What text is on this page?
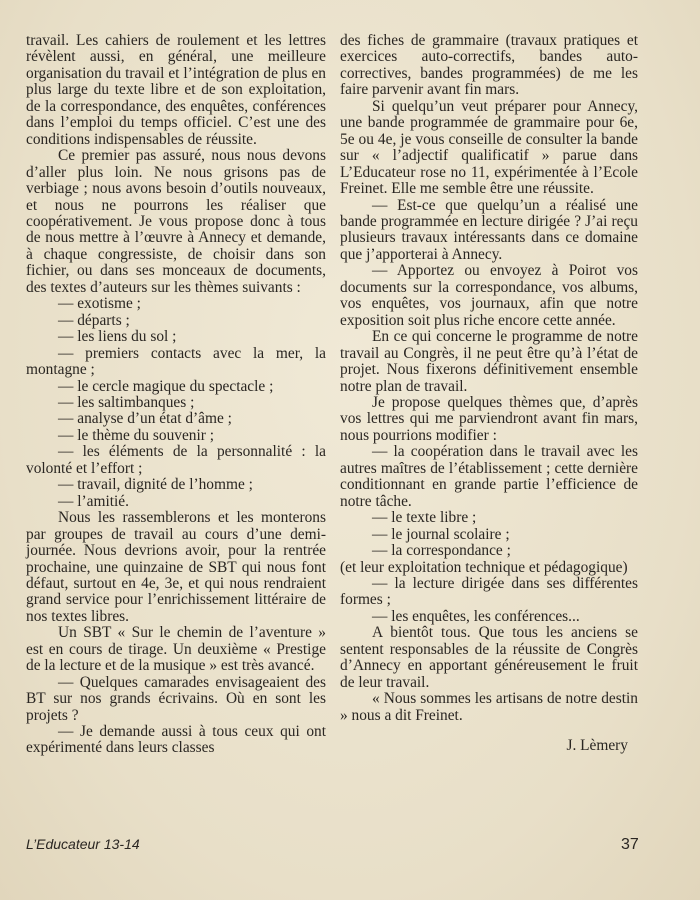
travail. Les cahiers de roulement et les lettres révèlent aussi, en général, une meilleure organisation du travail et l’intégration de plus en plus large du texte libre et de son exploitation, de la correspondance, des enquêtes, conférences dans l’emploi du temps officiel. C’est une des conditions indispensables de réussite.

Ce premier pas assuré, nous nous devons d’aller plus loin. Ne nous grisons pas de verbiage ; nous avons besoin d’outils nouveaux, et nous ne pourrons les réaliser que coopérativement. Je vous propose donc à tous de nous mettre à l’œuvre à Annecy et demande, à chaque congressiste, de choisir dans son fichier, ou dans ses monceaux de documents, des textes d’auteurs sur les thèmes suivants :

— exotisme ;

— départs ;

— les liens du sol ;

— premiers contacts avec la mer, la montagne ;

— le cercle magique du spectacle ;

— les saltimbanques ;

— analyse d’un état d’âme ;

— le thème du souvenir ;

— les éléments de la personnalité : la volonté et l’effort ;

— travail, dignité de l’homme ;

— l’amitié.

Nous les rassemblerons et les monterons par groupes de travail au cours d’une demi-journée. Nous devrions avoir, pour la rentrée prochaine, une quinzaine de SBT qui nous font défaut, surtout en 4e, 3e, et qui nous rendraient grand service pour l’enrichissement littéraire de nos textes libres.

Un SBT « Sur le chemin de l’aventure » est en cours de tirage. Un deuxième « Prestige de la lecture et de la musique » est très avancé.

— Quelques camarades envisageaient des BT sur nos grands écrivains. Où en sont les projets ?

— Je demande aussi à tous ceux qui ont expérimenté dans leurs classes

des fiches de grammaire (travaux pratiques et exercices auto-correctifs, bandes auto-correctives, bandes programmées) de me les faire parvenir avant fin mars.

Si quelqu’un veut préparer pour Annecy, une bande programmée de grammaire pour 6e, 5e ou 4e, je vous conseille de consulter la bande sur « l’adjectif qualificatif » parue dans L’Educateur rose no 11, expérimentée à l’Ecole Freinet. Elle me semble être une réussite.

— Est-ce que quelqu’un a réalisé une bande programmée en lecture dirigée ? J’ai reçu plusieurs travaux intéressants dans ce domaine que j’apporterai à Annecy.

— Apportez ou envoyez à Poirot vos documents sur la correspondance, vos albums, vos enquêtes, vos journaux, afin que notre exposition soit plus riche encore cette année.

En ce qui concerne le programme de notre travail au Congrès, il ne peut être qu’à l’état de projet. Nous fixerons définitivement ensemble notre plan de travail.

Je propose quelques thèmes que, d’après vos lettres qui me parviendront avant fin mars, nous pourrions modifier :

— la coopération dans le travail avec les autres maîtres de l’établissement ; cette dernière conditionnant en grande partie l’efficience de notre tâche.

— le texte libre ;

— le journal scolaire ;

— la correspondance ;

(et leur exploitation technique et pédagogique)

— la lecture dirigée dans ses différentes formes ;

— les enquêtes, les conférences...

A bientôt tous. Que tous les anciens se sentent responsables de la réussite de Congrès d’Annecy en apportant généreusement le fruit de leur travail.

« Nous sommes les artisans de notre destin » nous a dit Freinet.

J. Lèmery

L’Educateur 13-14	37
